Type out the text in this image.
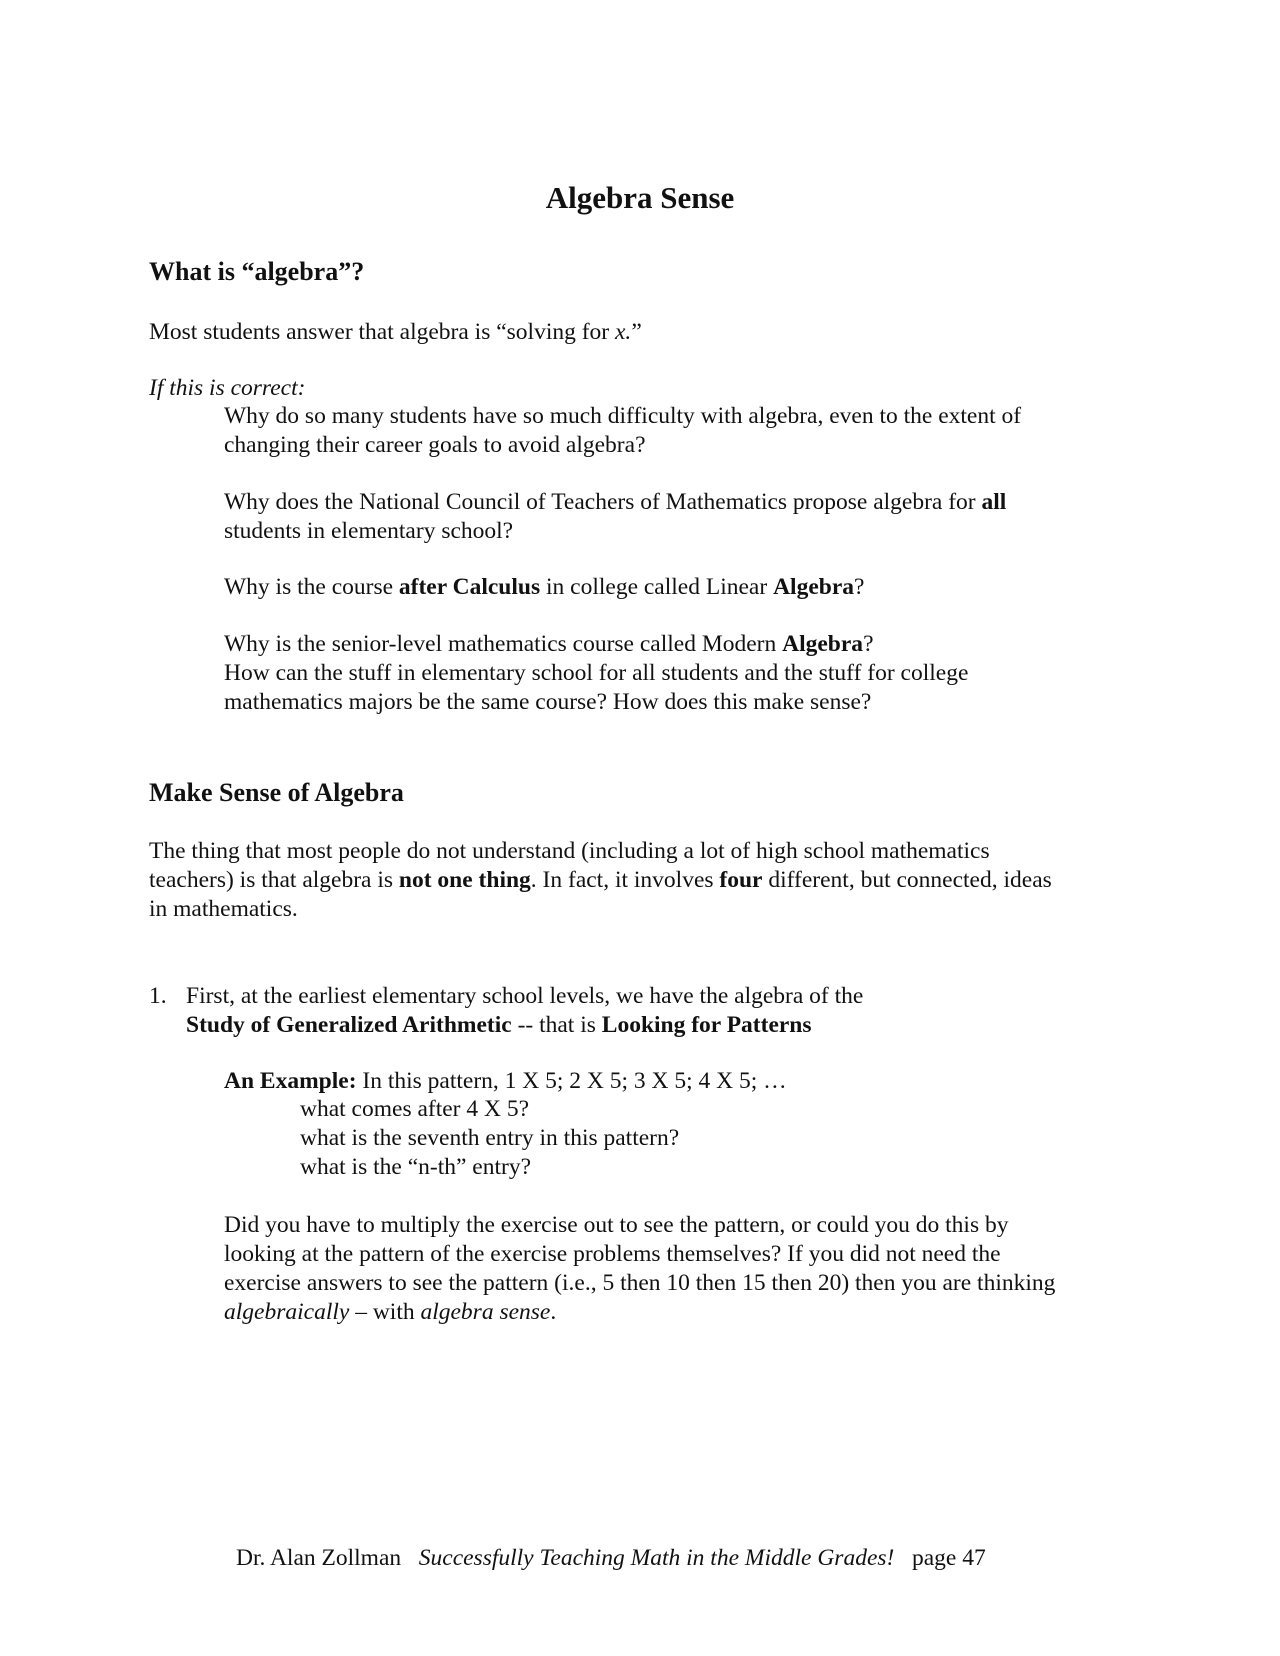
Algebra Sense
What is “algebra”?
Most students answer that algebra is “solving for x.”
If this is correct:
Why do so many students have so much difficulty with algebra, even to the extent of
changing their career goals to avoid algebra?
Why does the National Council of Teachers of Mathematics propose algebra for all
students in elementary school?
Why is the course after Calculus in college called Linear Algebra?
Why is the senior-level mathematics course called Modern Algebra?
How can the stuff in elementary school for all students and the stuff for college
mathematics majors be the same course? How does this make sense?
Make Sense of Algebra
The thing that most people do not understand (including a lot of high school mathematics
teachers) is that algebra is not one thing. In fact, it involves four different, but connected, ideas
in mathematics.
1. First, at the earliest elementary school levels, we have the algebra of the
Study of Generalized Arithmetic -- that is Looking for Patterns
An Example: In this pattern, 1 X 5; 2 X 5; 3 X 5; 4 X 5; …
what comes after 4 X 5?
what is the seventh entry in this pattern?
what is the “n-th” entry?
Did you have to multiply the exercise out to see the pattern, or could you do this by
looking at the pattern of the exercise problems themselves? If you did not need the
exercise answers to see the pattern (i.e., 5 then 10 then 15 then 20) then you are thinking
algebraically – with algebra sense.
Dr. Alan Zollman Successfully Teaching Math in the Middle Grades! page 47
